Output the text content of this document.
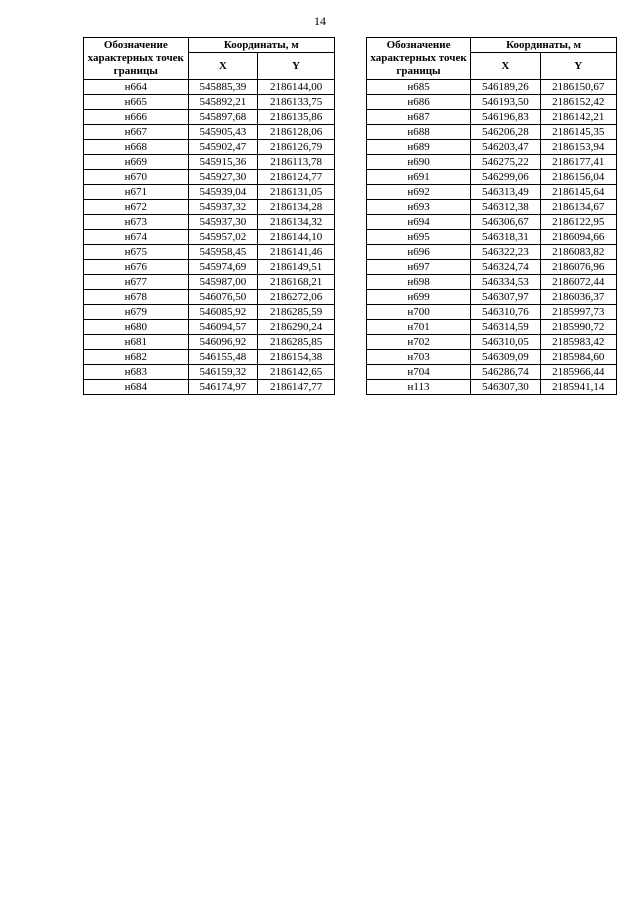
14
Обозначение характерных точек границы	Координаты, м	
	X	Y
н664	545885,39	2186144,00
н665	545892,21	2186133,75
н666	545897,68	2186135,86
н667	545905,43	2186128,06
н668	545902,47	2186126,79
н669	545915,36	2186113,78
н670	545927,30	2186124,77
н671	545939,04	2186131,05
н672	545937,32	2186134,28
н673	545937,30	2186134,32
н674	545957,02	2186144,10
н675	545958,45	2186141,46
н676	545974,69	2186149,51
н677	545987,00	2186168,21
н678	546076,50	2186272,06
н679	546085,92	2186285,59
н680	546094,57	2186290,24
н681	546096,92	2186285,85
н682	546155,48	2186154,38
н683	546159,32	2186142,65
н684	546174,97	2186147,77
Обозначение характерных точек границы	Координаты, м	
	X	Y
н685	546189,26	2186150,67
н686	546193,50	2186152,42
н687	546196,83	2186142,21
н688	546206,28	2186145,35
н689	546203,47	2186153,94
н690	546275,22	2186177,41
н691	546299,06	2186156,04
н692	546313,49	2186145,64
н693	546312,38	2186134,67
н694	546306,67	2186122,95
н695	546318,31	2186094,66
н696	546322,23	2186083,82
н697	546324,74	2186076,96
н698	546334,53	2186072,44
н699	546307,97	2186036,37
н700	546310,76	2185997,73
н701	546314,59	2185990,72
н702	546310,05	2185983,42
н703	546309,09	2185984,60
н704	546286,74	2185966,44
н113	546307,30	2185941,14
